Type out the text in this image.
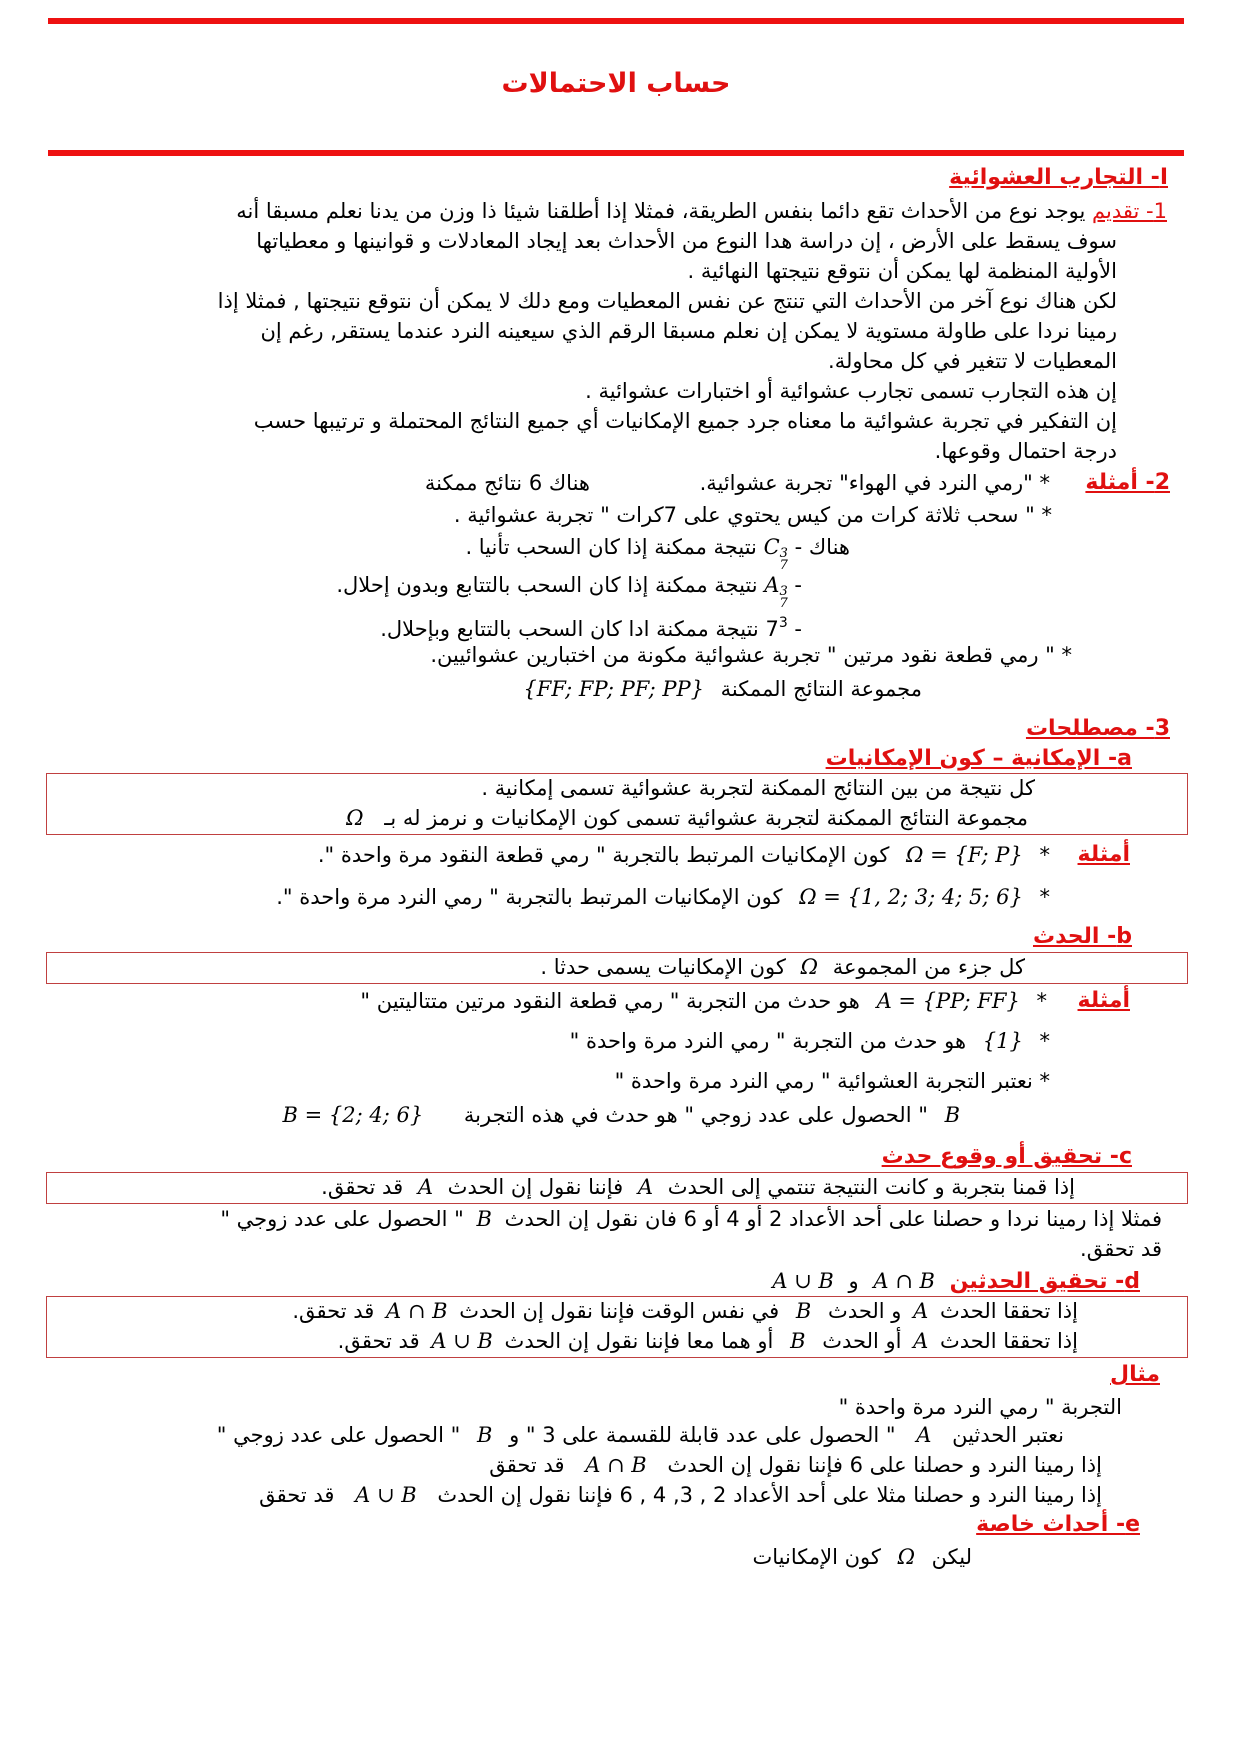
حساب الاحتمالات
I- التجارب العشوائية
1- تقديم يوجد نوع من الأحداث تقع دائما بنفس الطريقة، فمثلا إذا أطلقنا شيئا ذا وزن من يدنا نعلم مسبقا أنه
سوف يسقط على الأرض ، إن دراسة هدا النوع من الأحداث بعد إيجاد المعادلات و قوانينها و معطياتها
الأولية المنظمة لها يمكن أن نتوقع نتيجتها النهائية .
لكن هناك نوع آخر من الأحداث التي تنتج عن نفس المعطيات ومع دلك لا يمكن أن نتوقع نتيجتها , فمثلا إذا
رمينا نردا على طاولة مستوية لا يمكن إن نعلم مسبقا الرقم الذي سيعينه النرد عندما يستقر, رغم إن
المعطيات لا تتغير في كل محاولة.
إن هذه التجارب تسمى تجارب عشوائية أو اختبارات عشوائية .
إن التفكير في تجربة عشوائية ما معناه جرد جميع الإمكانيات أي جميع النتائج المحتملة و ترتيبها حسب
درجة احتمال وقوعها.
2- أمثلة
* "رمي النرد في الهواء" تجربة عشوائية.
هناك 6 نتائج ممكنة
* " سحب ثلاثة كرات من كيس يحتوي على 7كرات " تجربة عشوائية .
هناك - C 3
7
نتيجة ممكنة إذا كان السحب تأنيا .
- A 3
7
نتيجة ممكنة إذا كان السحب بالتتابع وبدون إحلال.
- $7^3$ نتيجة ممكنة ادا كان السحب بالتتابع وبإحلال.
* " رمي قطعة نقود مرتين " تجربة عشوائية مكونة من اختبارين عشوائيين.
مجموعة النتائج الممكنة {FF; FP; PF; PP}
3- مصطلحات
a- الإمكانية – كون الإمكانيات
كل نتيجة من بين النتائج الممكنة لتجربة عشوائية تسمى إمكانية .
مجموعة النتائج الممكنة لتجربة عشوائية تسمى كون الإمكانيات و نرمز له بـ Ω
أمثلة
* Ω = {F; P} كون الإمكانيات المرتبط بالتجربة " رمي قطعة النقود مرة واحدة ".
* Ω = {1, 2; 3; 4; 5; 6} كون الإمكانيات المرتبط بالتجربة " رمي النرد مرة واحدة ".
b- الحدث
كل جزء من المجموعة Ω كون الإمكانيات يسمى حدثا .
أمثلة
* A = {PP; FF} هو حدث من التجربة " رمي قطعة النقود مرتين متتاليتين "
* {1} هو حدث من التجربة " رمي النرد مرة واحدة "
* نعتبر التجربة العشوائية " رمي النرد مرة واحدة "
B " الحصول على عدد زوجي " هو حدث في هذه التجربة B = {2; 4; 6}
c- تحقيق أو وقوع حدث
إذا قمنا بتجربة و كانت النتيجة تنتمي إلى الحدث A فإننا نقول إن الحدث A قد تحقق.
فمثلا إذا رمينا نردا و حصلنا على أحد الأعداد 2 أو 4 أو 6 فان نقول إن الحدث B " الحصول على عدد زوجي "
قد تحقق.
d- تحقيق الحدثين A ∩ B و A ∪ B
إذا تحققا الحدث A و الحدث B في نفس الوقت فإننا نقول إن الحدث A ∩ B قد تحقق.
إذا تحققا الحدث A أو الحدث B أو هما معا فإننا نقول إن الحدث A ∪ B قد تحقق.
مثال
التجربة " رمي النرد مرة واحدة "
نعتبر الحدثين A " الحصول على عدد قابلة للقسمة على 3 " و B " الحصول على عدد زوجي "
إذا رمينا النرد و حصلنا على 6 فإننا نقول إن الحدث A ∩ B قد تحقق
إذا رمينا النرد و حصلنا مثلا على أحد الأعداد 2 , 3, 4 , 6 فإننا نقول إن الحدث A ∪ B قد تحقق
e- أحداث خاصة
ليكن Ω كون الإمكانيات
